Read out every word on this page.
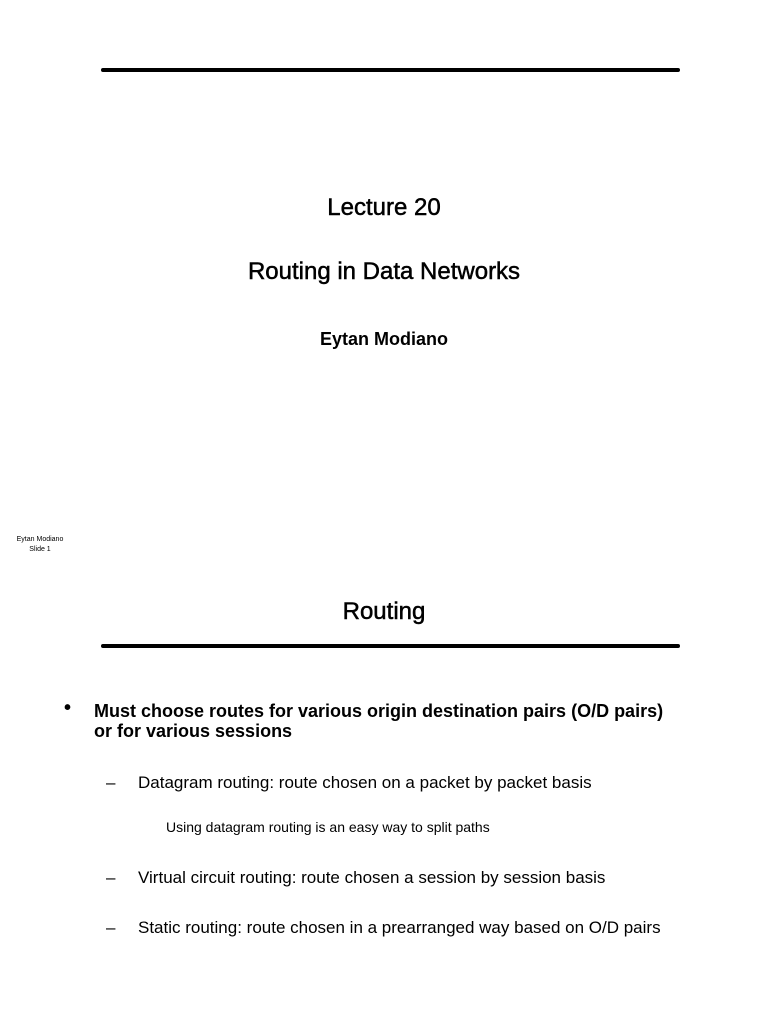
Lecture 20
Routing in Data Networks
Eytan Modiano
Eytan Modiano
Slide 1
Routing
• Must choose routes for various origin destination pairs (O/D pairs)
or for various sessions
– Datagram routing: route chosen on a packet by packet basis
Using datagram routing is an easy way to split paths
– Virtual circuit routing: route chosen a session by session basis
– Static routing: route chosen in a prearranged way based on O/D pairs
